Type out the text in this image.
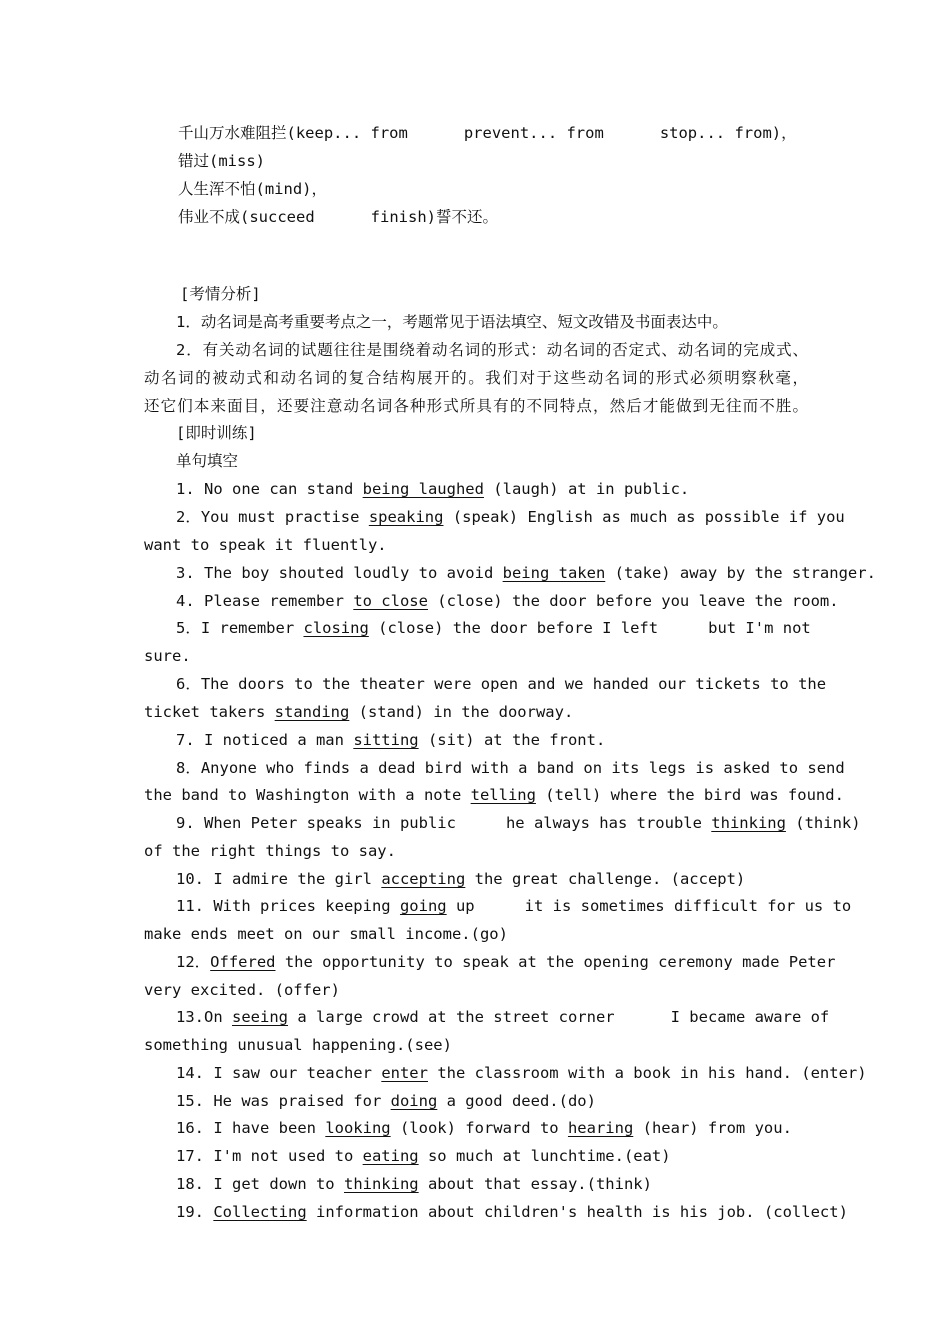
千山万水难阻拦(keep... from	prevent... from	stop... from)，
错过(miss)
人生浑不怕(mind)，
伟业不成(succeed	finish)誓不还。
[考情分析]
1．动名词是高考重要考点之一，考题常见于语法填空、短文改错及书面表达中。
2．有关动名词的试题往往是围绕着动名词的形式：动名词的否定式、动名词的完成式、
动名词的被动式和动名词的复合结构展开的。我们对于这些动名词的形式必须明察秋毫，
还它们本来面目，还要注意动名词各种形式所具有的不同特点，然后才能做到无往而不胜。
[即时训练]
单句填空
1. No one can stand being laughed (laugh) at in public.
2．You must practise speaking (speak) English as much as possible if you
want to speak it fluently.
3. The boy shouted loudly to avoid being taken (take) away by the stranger.
4. Please remember to close (close) the door before you leave the room.
5．I remember closing (close) the door before I left	but I'm not
sure.
6．The doors to the theater were open and we handed our tickets to the
ticket takers standing (stand) in the doorway.
7. I noticed a man sitting (sit) at the front.
8．Anyone who finds a dead bird with a band on its legs is asked to send
the band to Washington with a note telling (tell) where the bird was found.
9. When Peter speaks in public	he always has trouble thinking (think)
of the right things to say.
10. I admire the girl accepting the great challenge. (accept)
11. With prices keeping going up	it is sometimes difficult for us to
make ends meet on our small income.(go)
12．Offered the opportunity to speak at the opening ceremony made Peter
very excited. (offer)
13.On seeing a large crowd at the street corner	I became aware of
something unusual happening.(see)
14. I saw our teacher enter the classroom with a book in his hand. (enter)
15. He was praised for doing a good deed.(do)
16. I have been looking (look) forward to hearing (hear) from you.
17. I'm not used to eating so much at lunchtime.(eat)
18. I get down to thinking about that essay.(think)
19. Collecting information about children's health is his job. (collect)
